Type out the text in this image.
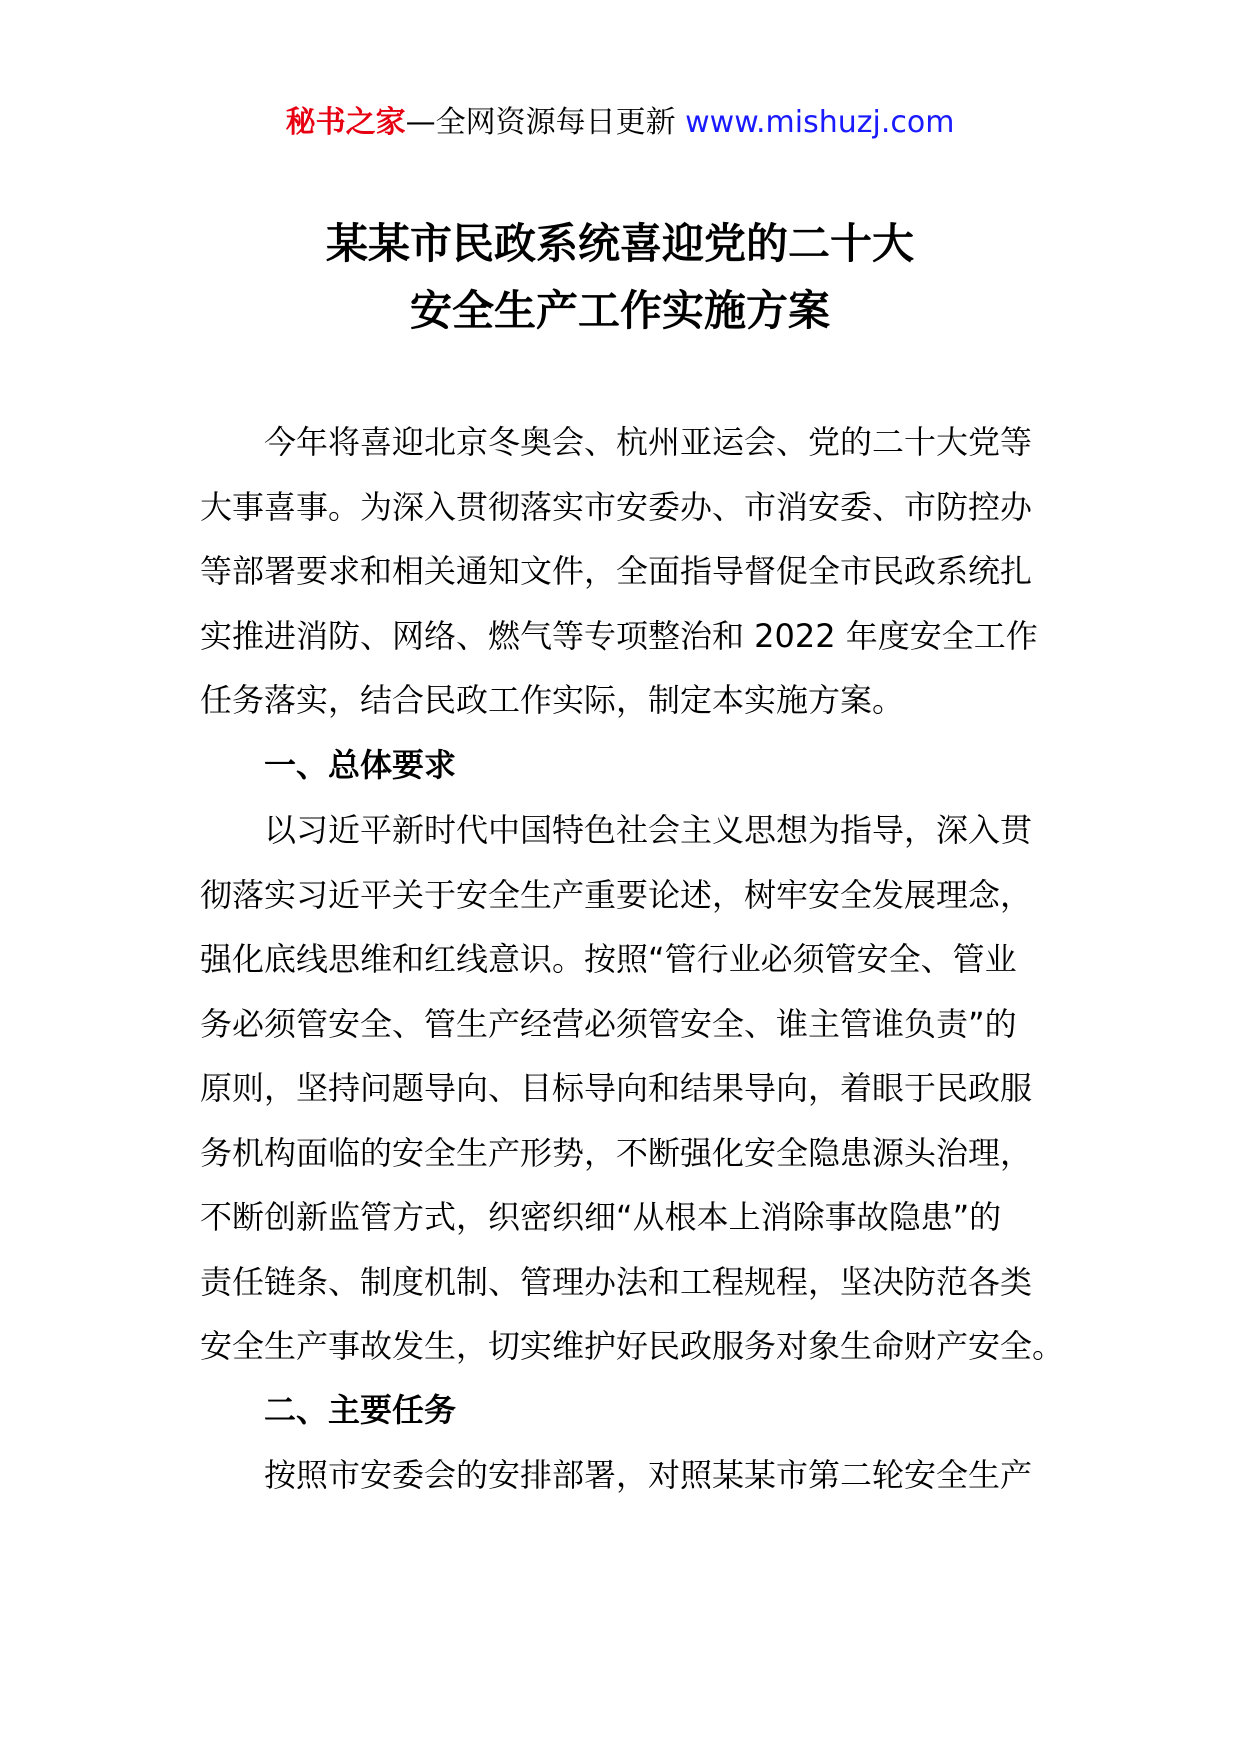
秘书之家—全网资源每日更新 www.mishuzj.com
某某市民政系统喜迎党的二十大
安全生产工作实施方案
今年将喜迎北京冬奥会、杭州亚运会、党的二十大党等
大事喜事。为深入贯彻落实市安委办、市消安委、市防控办
等部署要求和相关通知文件，全面指导督促全市民政系统扎
实推进消防、网络、燃气等专项整治和 2022 年度安全工作
任务落实，结合民政工作实际，制定本实施方案。
一、总体要求
以习近平新时代中国特色社会主义思想为指导，深入贯
彻落实习近平关于安全生产重要论述，树牢安全发展理念，
强化底线思维和红线意识。按照“管行业必须管安全、管业
务必须管安全、管生产经营必须管安全、谁主管谁负责”的
原则，坚持问题导向、目标导向和结果导向，着眼于民政服
务机构面临的安全生产形势，不断强化安全隐患源头治理，
不断创新监管方式，织密织细“从根本上消除事故隐患”的
责任链条、制度机制、管理办法和工程规程，坚决防范各类
安全生产事故发生，切实维护好民政服务对象生命财产安全。
二、主要任务
按照市安委会的安排部署，对照某某市第二轮安全生产
